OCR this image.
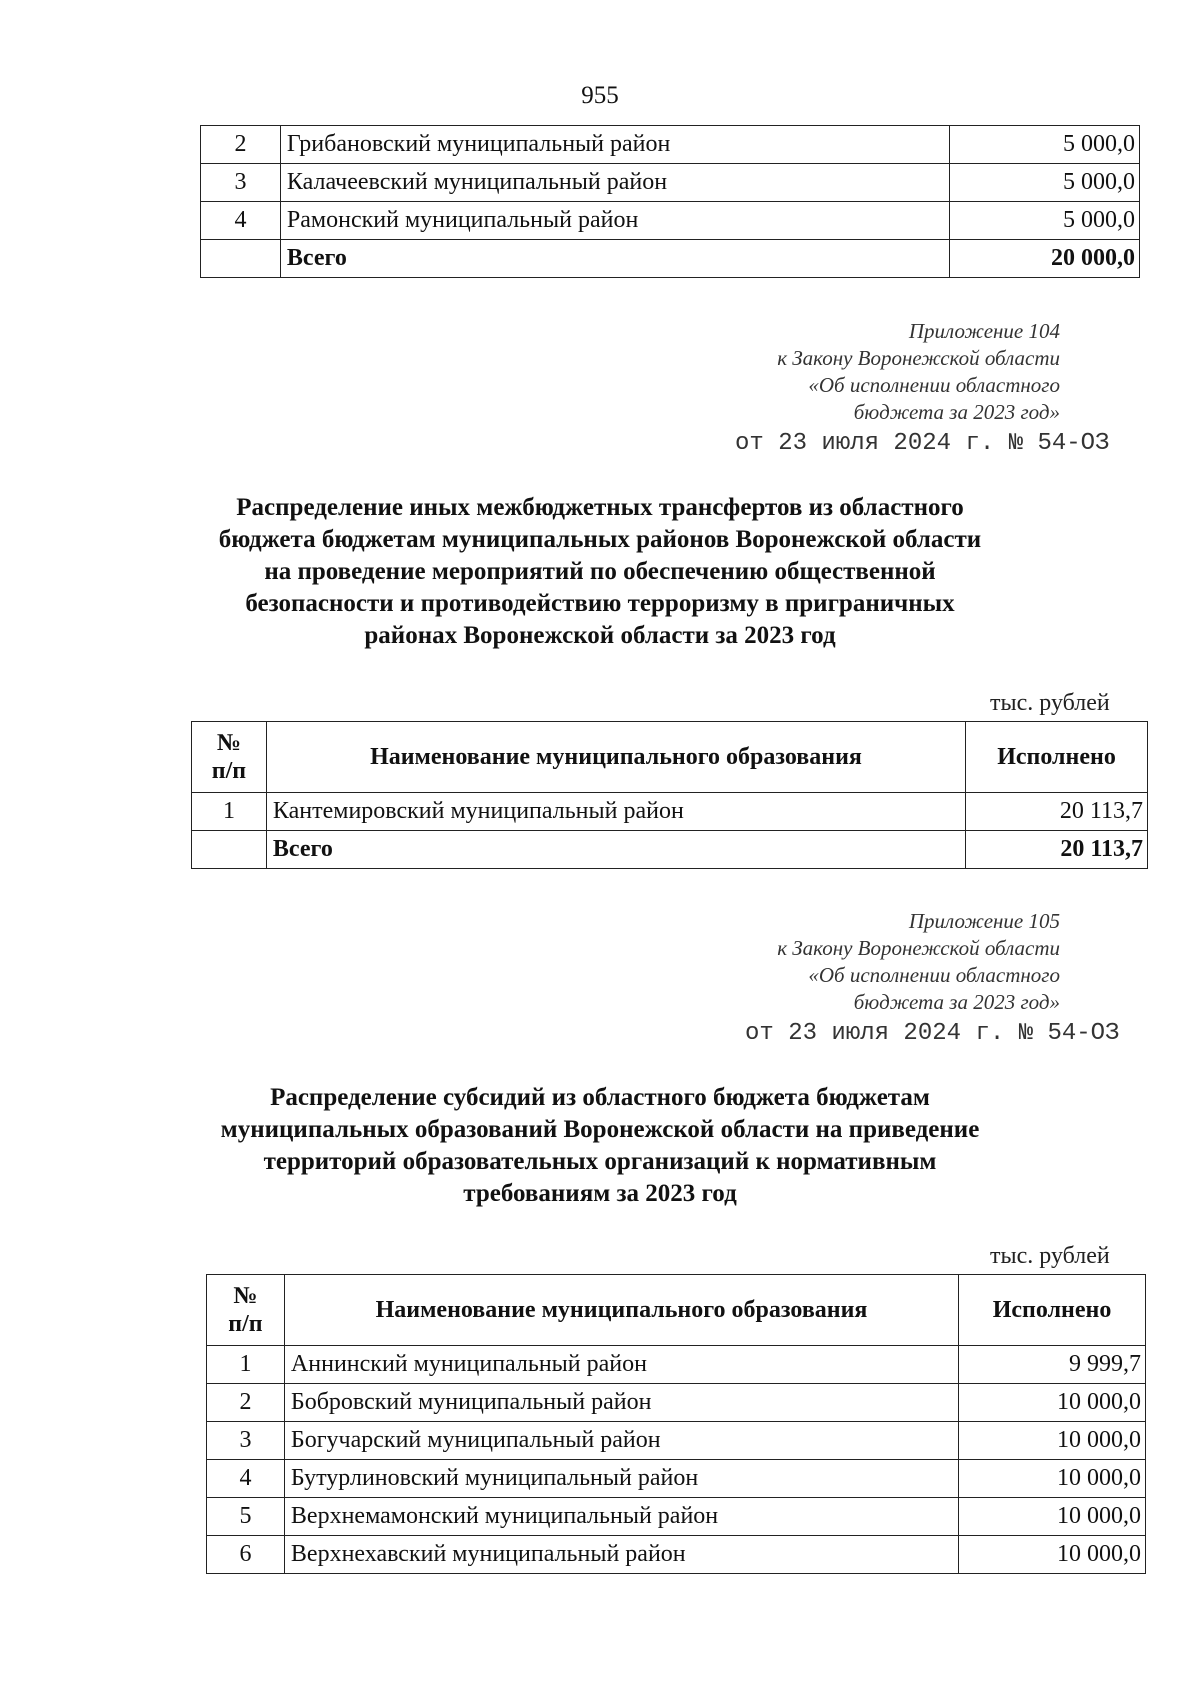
955
2	Грибановский муниципальный район	5 000,0
3	Калачеевский муниципальный район	5 000,0
4	Рамонский муниципальный район	5 000,0
	Всего	20 000,0
Приложение 104
к Закону Воронежской области
«Об исполнении областного
бюджета за 2023 год»
от 23 июля 2024 г. № 54-ОЗ
Распределение иных межбюджетных трансфертов из областного
бюджета бюджетам муниципальных районов Воронежской области
на проведение мероприятий по обеспечению общественной
безопасности и противодействию терроризму в приграничных
районах Воронежской области за 2023 год
тыс. рублей
№
п/п	Наименование муниципального образования	Исполнено
1	Кантемировский муниципальный район	20 113,7
	Всего	20 113,7
Приложение 105
к Закону Воронежской области
«Об исполнении областного
бюджета за 2023 год»
от 23 июля 2024 г. № 54-ОЗ
Распределение субсидий из областного бюджета бюджетам
муниципальных образований Воронежской области на приведение
территорий образовательных организаций к нормативным
требованиям за 2023 год
тыс. рублей
№
п/п	Наименование муниципального образования	Исполнено
1	Аннинский муниципальный район	9 999,7
2	Бобровский муниципальный район	10 000,0
3	Богучарский муниципальный район	10 000,0
4	Бутурлиновский муниципальный район	10 000,0
5	Верхнемамонский муниципальный район	10 000,0
6	Верхнехавский муниципальный район	10 000,0
